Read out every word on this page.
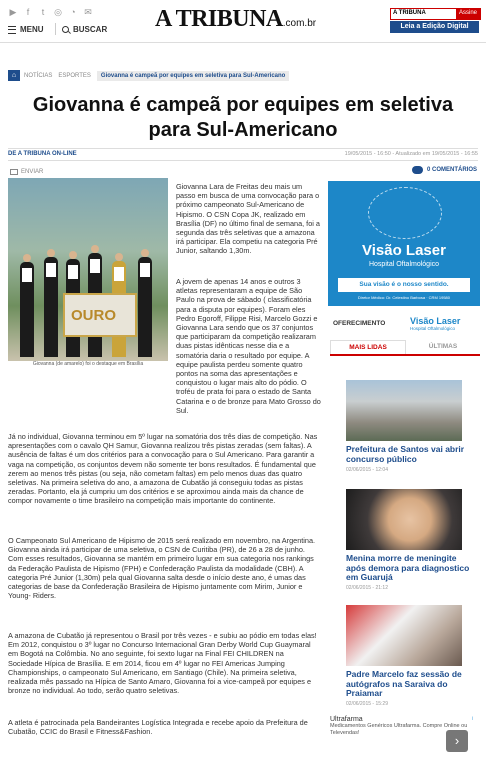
▶	f	t	◎ ◔ ✉
MENU	BUSCAR A TRIBUNA.com.br
A TRIBUNA	Assine
Leia a Edição Digital
⌂	NOTÍCIAS ESPORTES	Giovanna é campeã por equipes em seletiva para Sul-Americano
Giovanna é campeã por equipes em seletiva para Sul-Americano
DE A TRIBUNA ON-LINE	19/05/2015 - 16:50 - Atualizado em 19/05/2015 - 16:55
ENVIAR	0 COMENTÁRIOS
OURO
Giovanna (de amarelo) foi o destaque em Brasília

Giovanna Lara de Freitas deu mais um passo em busca de uma convocação para o próximo campeonato Sul-Americano de Hipismo. O CSN Copa JK, realizado em Brasília (DF) no último final de semana, foi a segunda das três seletivas que a amazona irá participar. Ela competiu na categoria Pré Junior, saltando 1,30m.

A jovem de apenas 14 anos e outros 3 atletas representaram a equipe de São Paulo na prova de sábado ( classificatória para a disputa por equipes). Foram eles Pedro Egoroff, Filippe Risi, Marcelo Gozzi e Giovanna Lara sendo que os 37 conjuntos que participaram da competição realizaram duas pistas idênticas nesse dia e a somatória daria o resultado por equipe. A equipe paulista perdeu somente quatro pontos na soma das apresentações e conquistou o lugar mais alto do pódio. O troféu de prata foi para o estado de Santa Catarina e o de bronze para Mato Grosso do Sul.

Já no individual, Giovanna terminou em 5º lugar na somatória dos três dias de competição. Nas apresentações com o cavalo QH Samur, Giovanna realizou três pistas zeradas (sem faltas). A ausência de faltas é um dos critérios para a convocação para o Sul Americano. Para garantir a vaga na competição, os conjuntos devem não somente ter bons resultados. É fundamental que zerem ao menos três pistas (ou seja, não cometam faltas) em pelo menos duas das quatro seletivas. Na primeira seletiva do ano, a amazona de Cubatão já conseguiu todas as pistas zeradas. Portanto, ela já cumpriu um dos critérios e se aproximou ainda mais da chance de compor novamente o time brasileiro na competição mais importante do continente.

O Campeonato Sul Americano de Hipismo de 2015 será realizado em novembro, na Argentina. Giovanna ainda irá participar de uma seletiva, o CSN de Curitiba (PR), de 26 a 28 de junho. Com esses resultados, Giovanna se mantém em primeiro lugar em sua categoria nos rankings da Federação Paulista de Hipismo (FPH) e Confederação Paulista da modalidade (CBH). A categoria Pré Junior (1,30m) pela qual Giovanna salta desde o início deste ano, é umas das categorias de base da Confederação Brasileira de Hipismo juntamente com Mirim, Junior e Young- Riders.

A amazona de Cubatão já representou o Brasil por três vezes - e subiu ao pódio em todas elas! Em 2012, conquistou o 3º lugar no Concurso Internacional Gran Derby World Cup Guaymaral em Bogotá na Colômbia. No ano seguinte, foi sexto lugar na Final FEI CHILDREN na Sociedade Hípica de Brasília. E em 2014, ficou em 4º lugar no FEI Americas Jumping Championships, o campeonato Sul Americano, em Santiago (Chile). Na primeira seletiva, realizada mês passado na Hípica de Santo Amaro, Giovanna foi a vice-campeã por equipes e bronze no individual. Ao todo, serão quatro seletivas.

A atleta é patrocinada pela Bandeirantes Logística Integrada e recebe apoio da Prefeitura de Cubatão, CCIC do Brasil e Fitness&Fashion.

Visão Laser
Hospital Oftalmológico
Sua visão é o nosso sentido.
Diretor Médico: Dr. Celestino Barbosa · CRM 19580
OFERECIMENTO	Visão Laser
Hospital Oftalmológico
MAIS LIDAS	ÚLTIMAS
Prefeitura de Santos vai abrir concurso público
02/06/2015 - 12:04
Menina morre de meningite após demora para diagnostico em Guarujá
02/06/2015 - 21:12
Padre Marcelo faz sessão de autógrafos na Saraiva do Praiamar
02/06/2015 - 15:29
Ultrafarma
Medicamentos Genéricos Ultrafarma. Compre Online ou Televendas!	›
i
